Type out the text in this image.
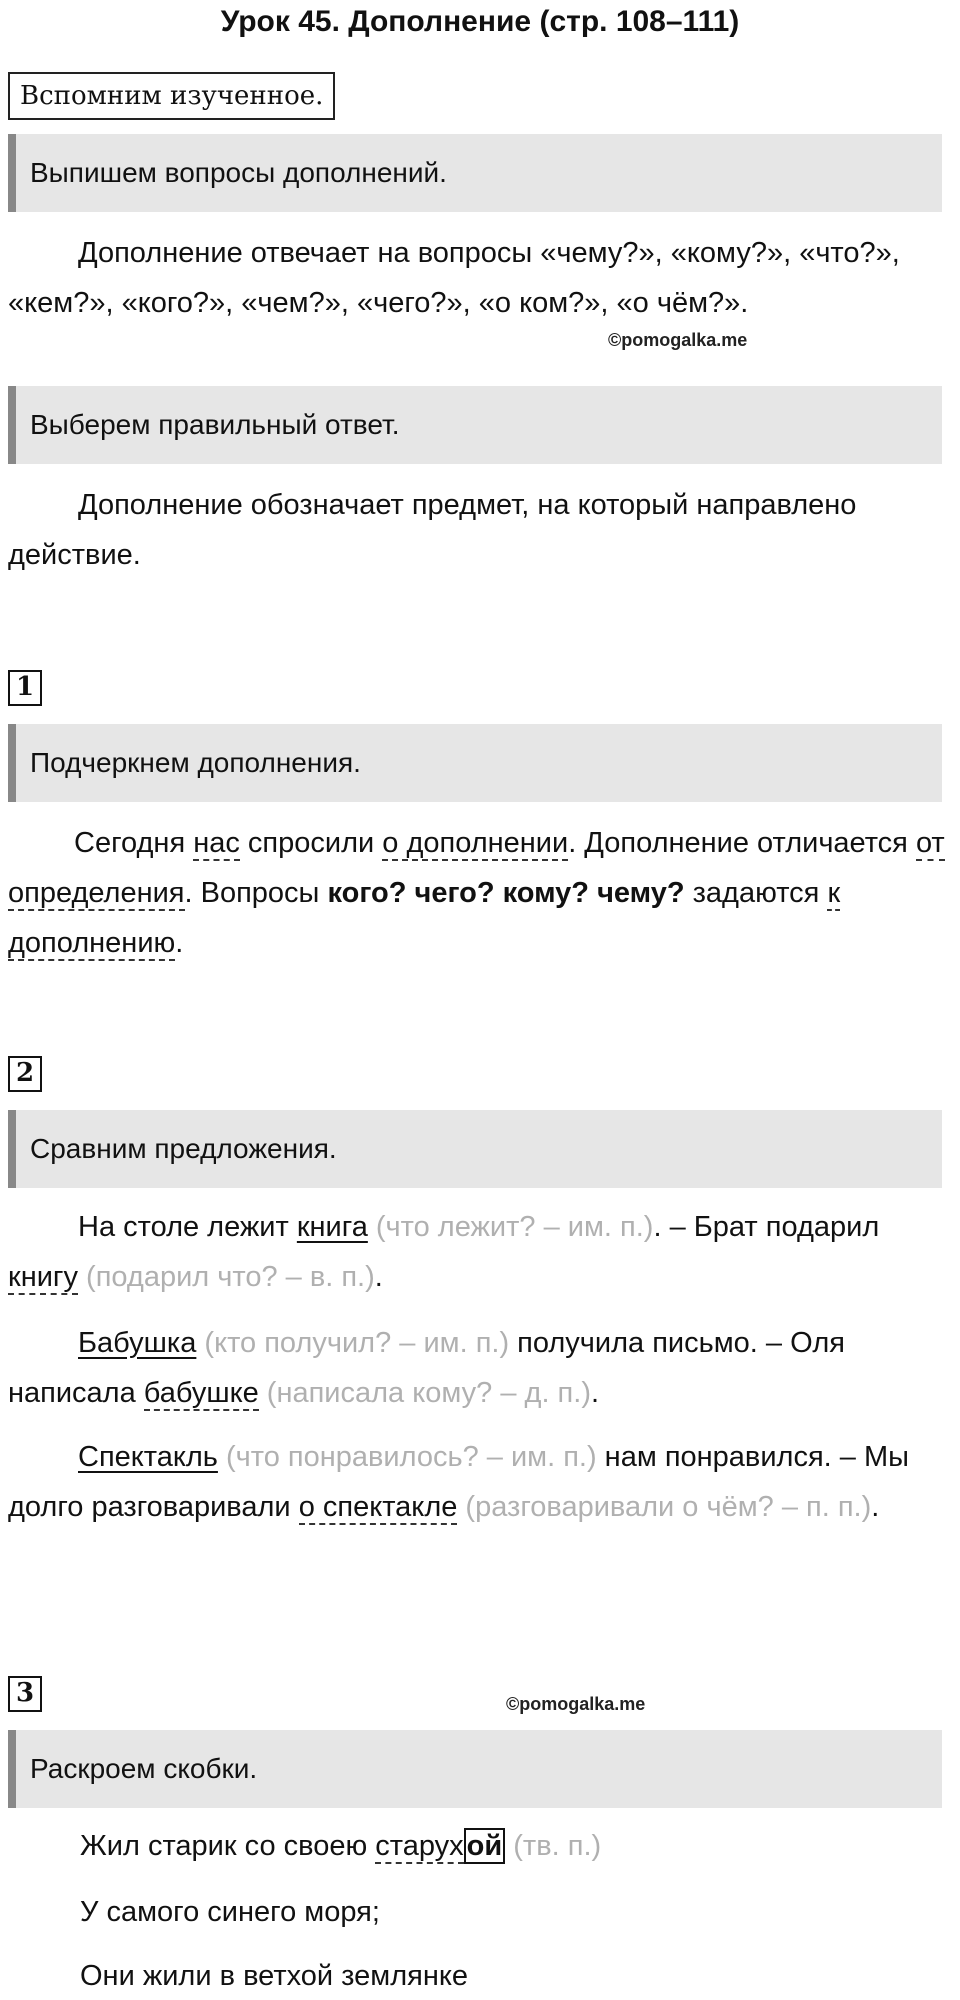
Урок 45. Дополнение (стр. 108–111)
Вспомним изученное.
Выпишем вопросы дополнений.
Дополнение отвечает на вопросы «чему?», «кому?», «что?», «кем?», «кого?», «чем?», «чего?», «о ком?», «о чём?».
©pomogalka.me
Выберем правильный ответ.
Дополнение обозначает предмет, на который направлено действие.
1
Подчеркнем дополнения.
Сегодня нас спросили о дополнении. Дополнение отличается от определения. Вопросы кого? чего? кому? чему? задаются к дополнению.
2
Сравним предложения.
На столе лежит книга (что лежит? – им. п.). – Брат подарил книгу (подарил что? – в. п.).
Бабушка (кто получил? – им. п.) получила письмо. – Оля написала бабушке (написала кому? – д. п.).
Спектакль (что понравилось? – им. п.) нам понравился. – Мы долго разговаривали о спектакле (разговаривали о чём? – п. п.).
3	©pomogalka.me
Раскроем скобки.
Жил старик со своею старух ой (тв. п.)
У самого синего моря;
Они жили в ветхой землянке
